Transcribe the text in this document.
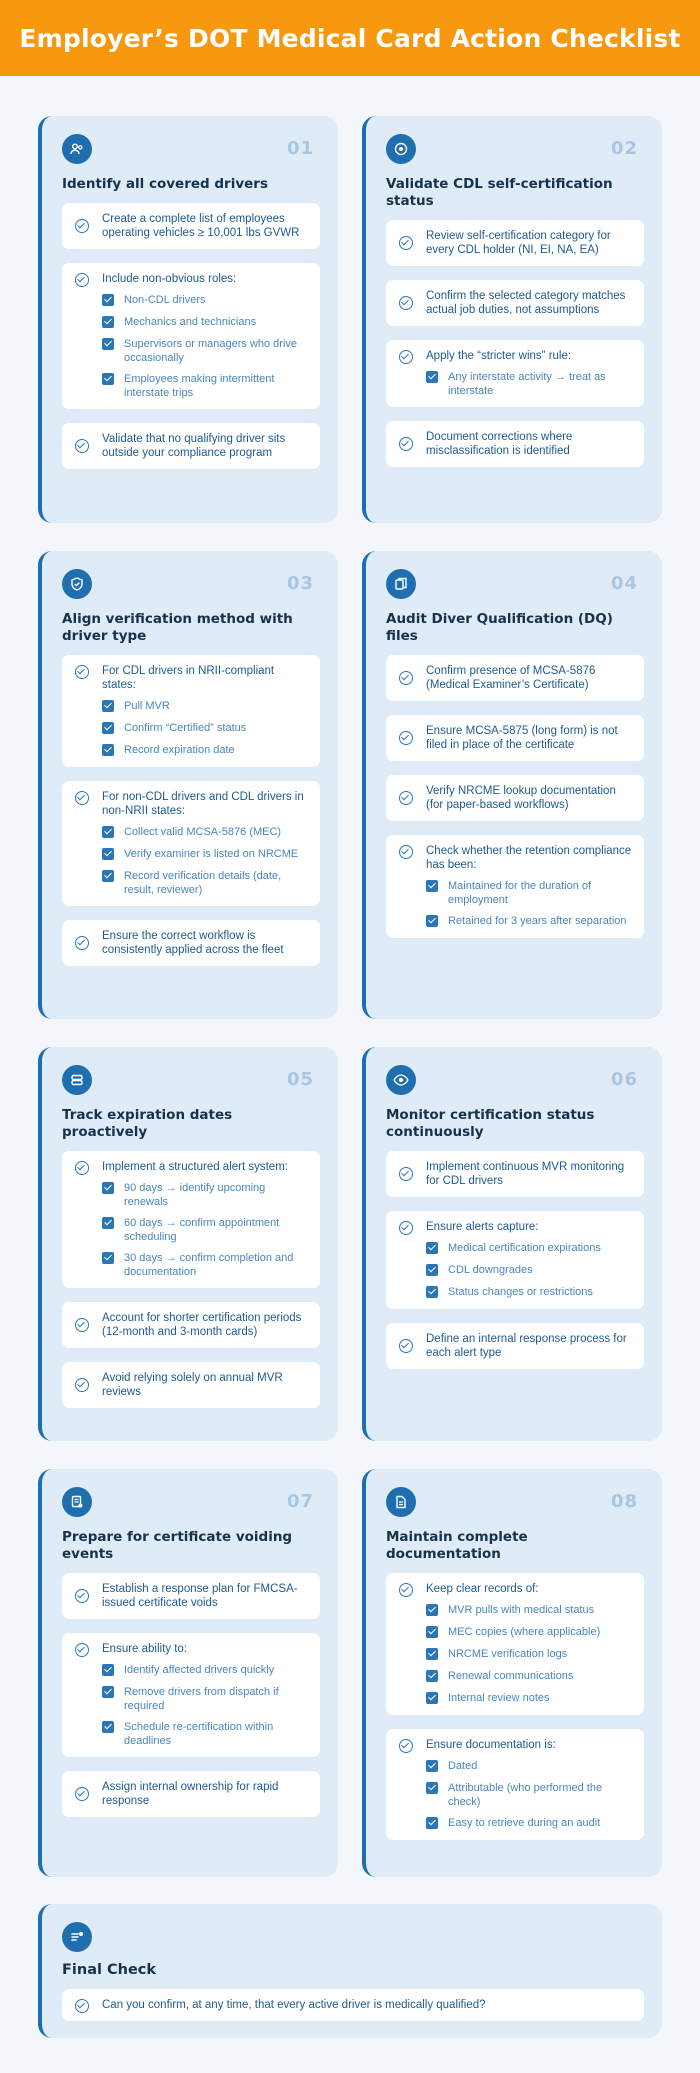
Employer’s DOT Medical Card Action Checklist
01
Identify all covered drivers
Create a complete list of employees operating vehicles ≥ 10,001 lbs GVWR
Include non-obvious roles:
Non-CDL drivers
Mechanics and technicians
Supervisors or managers who drive occasionally
Employees making intermittent interstate trips
Validate that no qualifying driver sits outside your compliance program
02
Validate CDL self-certification status
Review self-certification category for every CDL holder (NI, EI, NA, EA)
Confirm the selected category matches actual job duties, not assumptions
Apply the “stricter wins” rule:
Any interstate activity → treat as interstate
Document corrections where misclassification is identified
03
Align verification method with driver type
For CDL drivers in NRII-compliant states:
Pull MVR
Confirm “Certified” status
Record expiration date
For non-CDL drivers and CDL drivers in non-NRII states:
Collect valid MCSA-5876 (MEC)
Verify examiner is listed on NRCME
Record verification details (date, result, reviewer)
Ensure the correct workflow is consistently applied across the fleet
04
Audit Diver Qualification (DQ) files
Confirm presence of MCSA-5876 (Medical Examiner’s Certificate)
Ensure MCSA-5875 (long form) is not filed in place of the certificate
Verify NRCME lookup documentation (for paper-based workflows)
Check whether the retention compliance has been:
Maintained for the duration of employment
Retained for 3 years after separation
05
Track expiration dates proactively
Implement a structured alert system:
90 days → identify upcoming renewals
60 days → confirm appointment scheduling
30 days → confirm completion and documentation
Account for shorter certification periods (12-month and 3-month cards)
Avoid relying solely on annual MVR reviews
06
Monitor certification status continuously
Implement continuous MVR monitoring for CDL drivers
Ensure alerts capture:
Medical certification expirations
CDL downgrades
Status changes or restrictions
Define an internal response process for each alert type
07
Prepare for certificate voiding events
Establish a response plan for FMCSA-issued certificate voids
Ensure ability to:
Identify affected drivers quickly
Remove drivers from dispatch if required
Schedule re-certification within deadlines
Assign internal ownership for rapid response
08
Maintain complete documentation
Keep clear records of:
MVR pulls with medical status
MEC copies (where applicable)
NRCME verification logs
Renewal communications
Internal review notes
Ensure documentation is:
Dated
Attributable (who performed the check)
Easy to retrieve during an audit
Final Check
Can you confirm, at any time, that every active driver is medically qualified?
